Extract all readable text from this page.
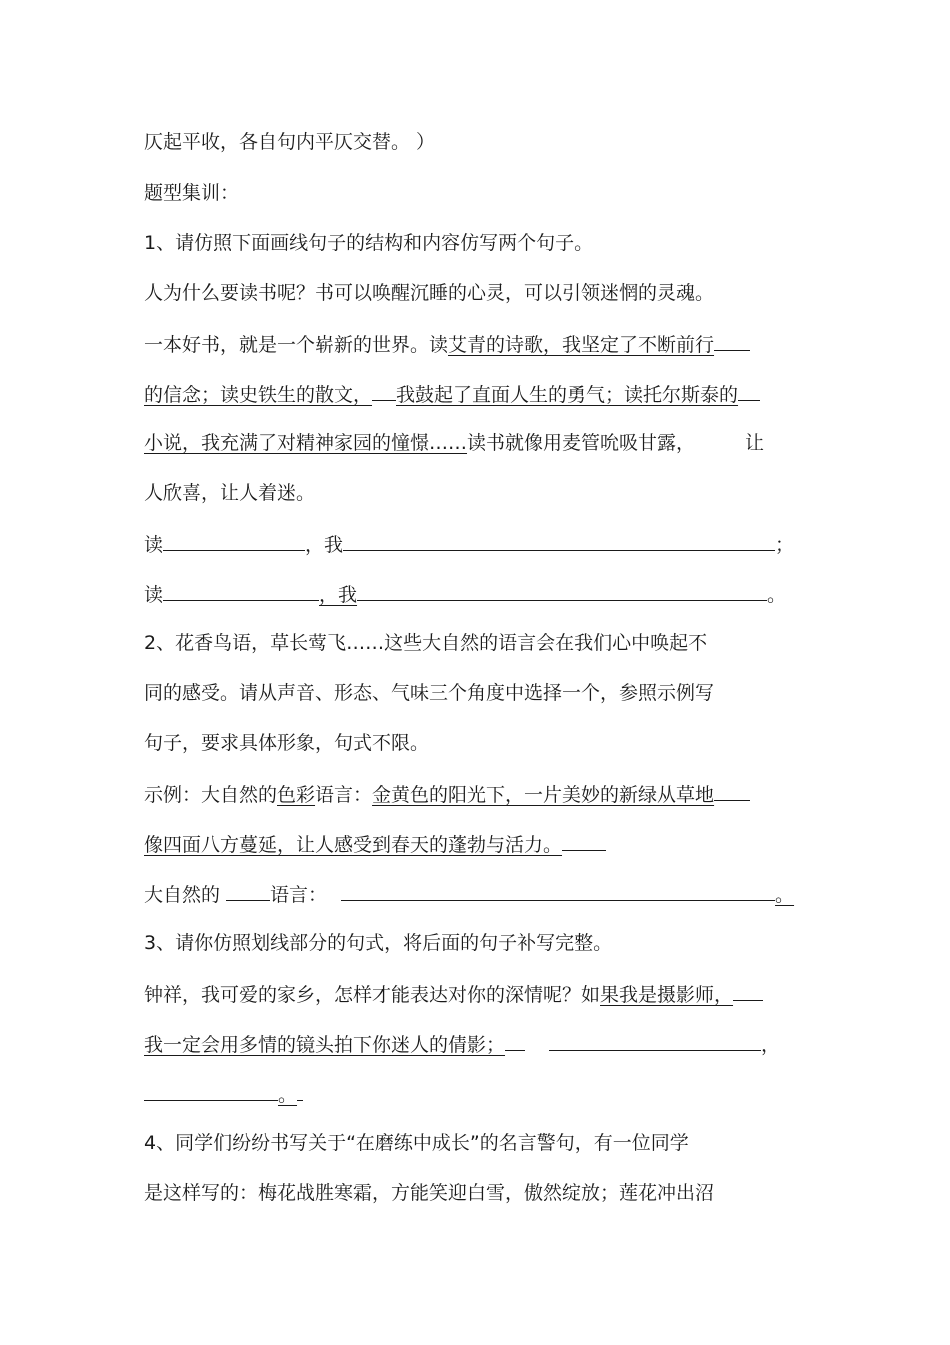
仄起平收，各自句内平仄交替。 ）
题型集训：
1、请仿照下面画线句子的结构和内容仿写两个句子。
人为什么要读书呢？书可以唤醒沉睡的心灵，可以引领迷惘的灵魂。
一本好书，就是一个崭新的世界。读艾青的诗歌，我坚定了不断前行
的信念；读史铁生的散文， 我鼓起了直面人生的勇气；读托尔斯泰的
小说，我充满了对精神家园的憧憬……读书就像用麦管吮吸甘露，	让
人欣喜，让人着迷。
读	，我	；
读	，我	。
2、花香鸟语，草长莺飞……这些大自然的语言会在我们心中唤起不
同的感受。请从声音、形态、气味三个角度中选择一个，参照示例写
句子，要求具体形象，句式不限。
示例：大自然的色彩语言：金黄色的阳光下，一片美妙的新绿从草地
像四面八方蔓延，让人感受到春天的蓬勃与活力。
大自然的	语言：	。
3、请你仿照划线部分的句式，将后面的句子补写完整。
钟祥，我可爱的家乡，怎样才能表达对你的深情呢？如果我是摄影师，
我一定会用多情的镜头拍下你迷人的倩影；	，
。
4、同学们纷纷书写关于“在磨练中成长”的名言警句，有一位同学
是这样写的：梅花战胜寒霜，方能笑迎白雪，傲然绽放；莲花冲出沼
